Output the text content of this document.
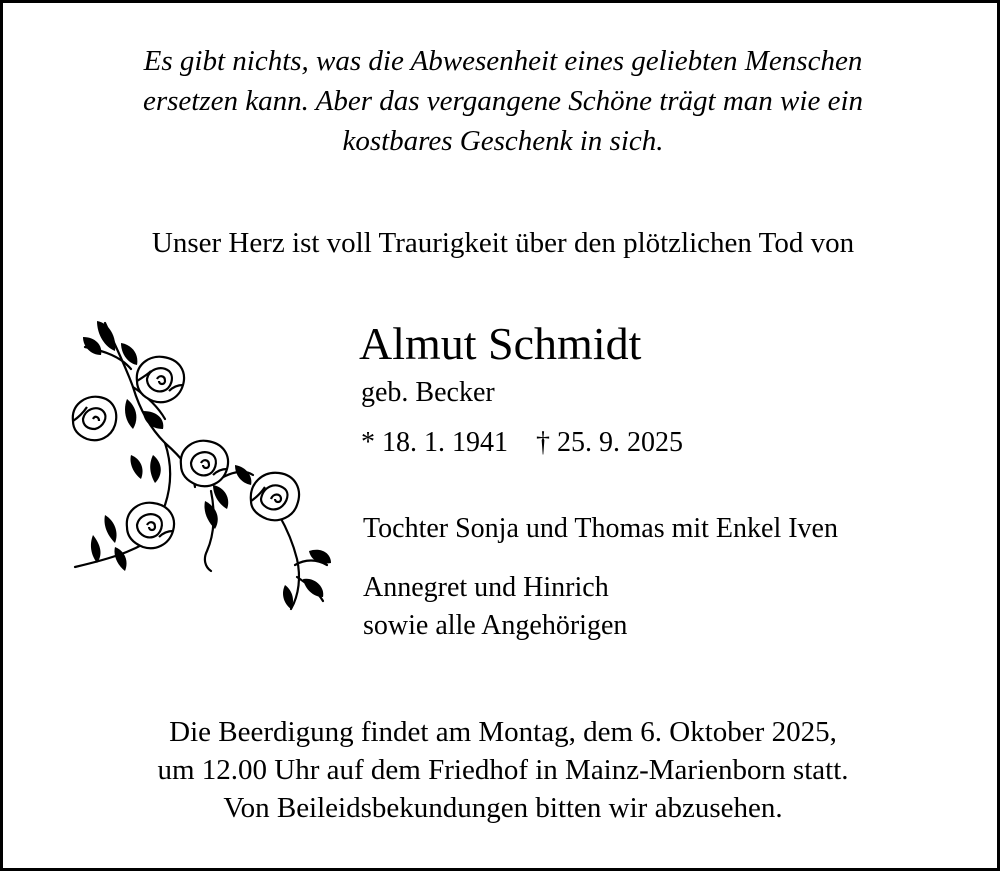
Es gibt nichts, was die Abwesenheit eines geliebten Menschen
ersetzen kann. Aber das vergangene Schöne trägt man wie ein
kostbares Geschenk in sich.
Unser Herz ist voll Traurigkeit über den plötzlichen Tod von
Almut Schmidt
geb. Becker
* 18. 1. 1941 † 25. 9. 2025
Tochter Sonja und Thomas mit Enkel Iven
Annegret und Hinrich
sowie alle Angehörigen
Die Beerdigung findet am Montag, dem 6. Oktober 2025,
um 12.00 Uhr auf dem Friedhof in Mainz-Marienborn statt.
Von Beileidsbekundungen bitten wir abzusehen.
